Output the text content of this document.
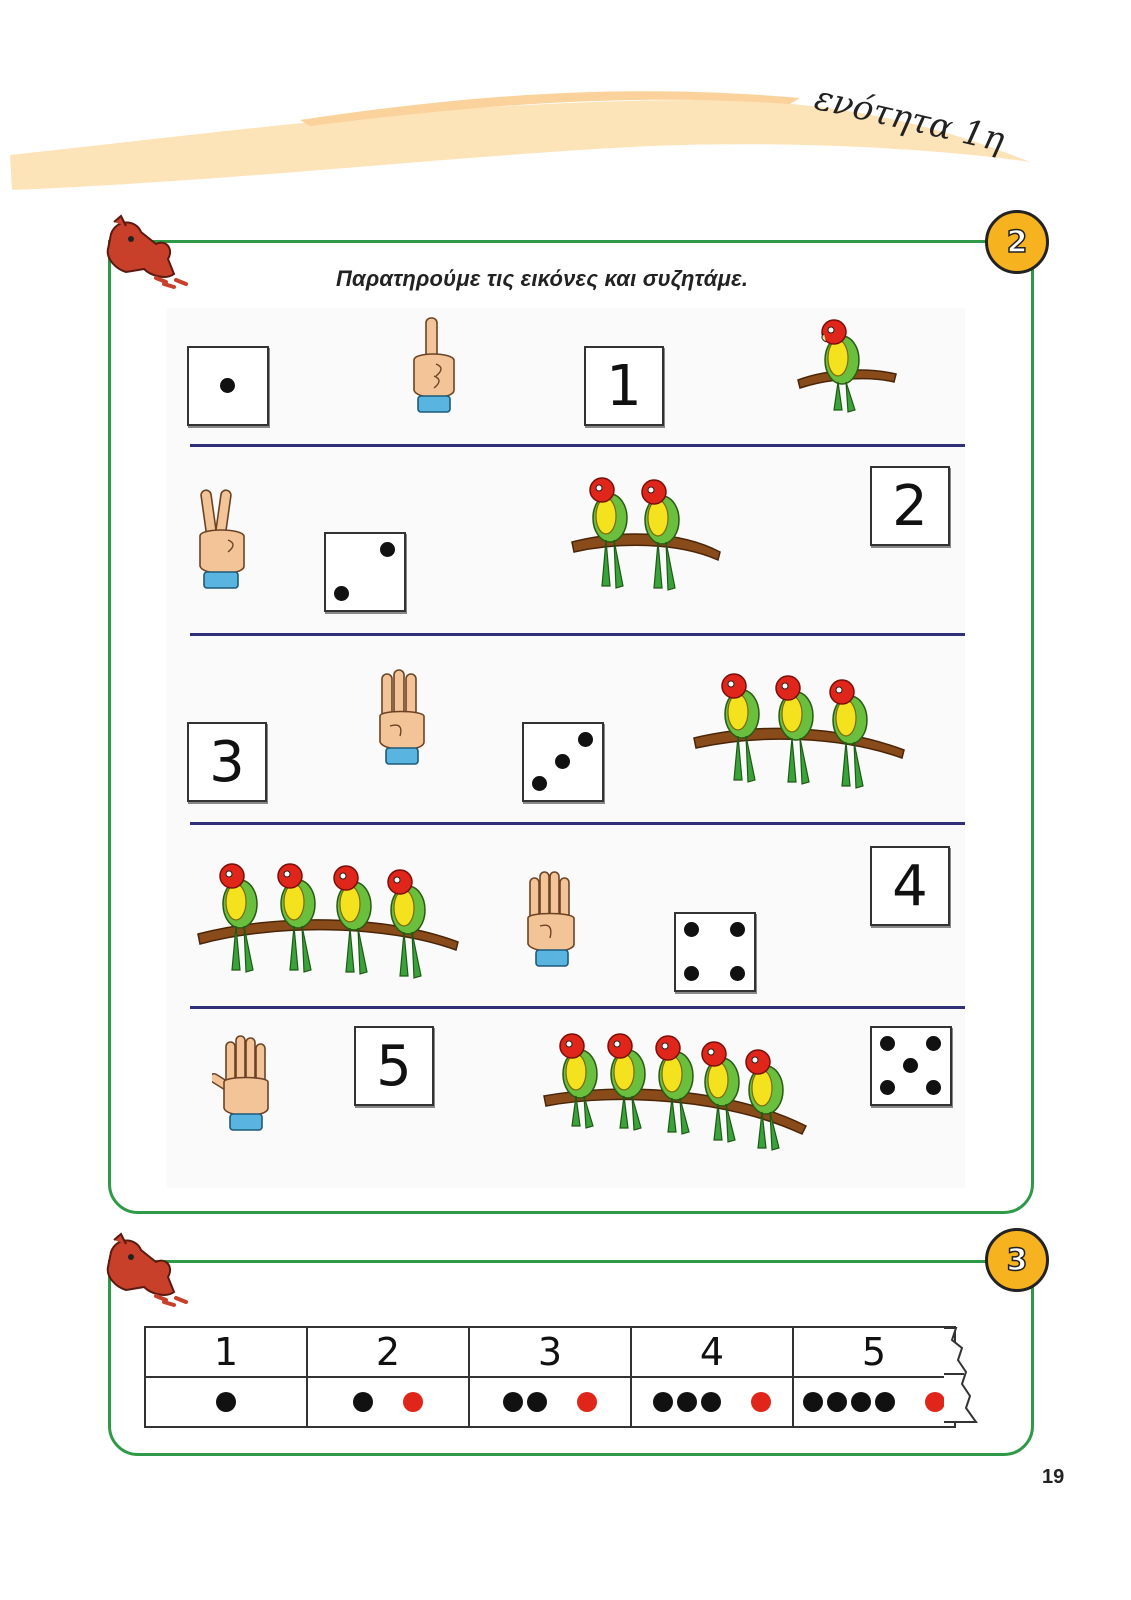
ενότητα 1η
2
Παρατηρούμε τις εικόνες και συζητάμε.
1
2
3
4
5
3
1	2	3	4	5

19
